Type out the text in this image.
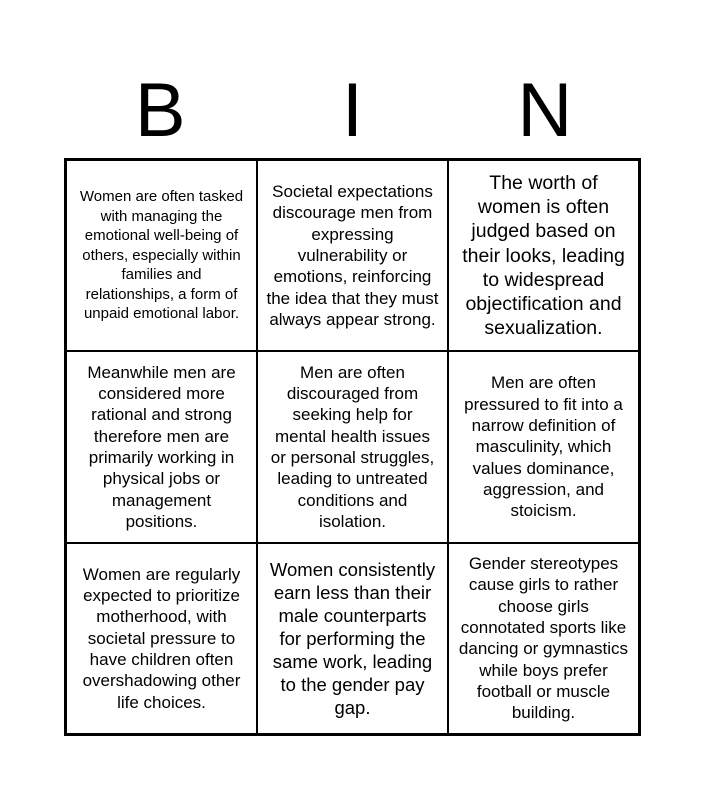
B	I	N
Women are often tasked with managing the emotional well-being of others, especially within families and relationships, a form of unpaid emotional labor.
Societal expectations discourage men from expressing vulnerability or emotions, reinforcing the idea that they must always appear strong.
The worth of women is often judged based on their looks, leading to widespread objectification and sexualization.
Meanwhile men are considered more rational and strong therefore men are primarily working in physical jobs or management positions.
Men are often discouraged from seeking help for mental health issues or personal struggles, leading to untreated conditions and isolation.
Men are often pressured to fit into a narrow definition of masculinity, which values dominance, aggression, and stoicism.
Women are regularly expected to prioritize motherhood, with societal pressure to have children often overshadowing other life choices.
Women consistently earn less than their male counterparts for performing the same work, leading to the gender pay gap.
Gender stereotypes cause girls to rather choose girls connotated sports like dancing or gymnastics while boys prefer football or muscle building.
